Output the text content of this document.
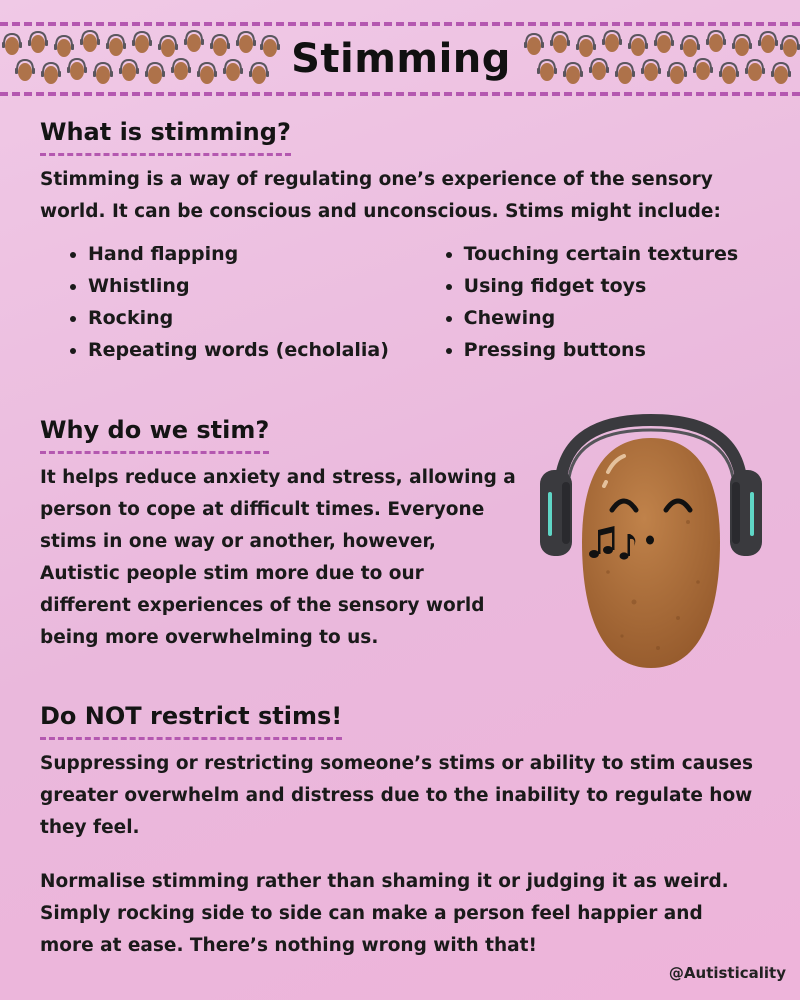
Stimming
What is stimming?

Stimming is a way of regulating one’s experience of the sensory world. It can be conscious and unconscious. Stims might include:

Hand flapping
Whistling
Rocking
Repeating words (echolalia)
Touching certain textures
Using fidget toys
Chewing
Pressing buttons
Why do we stim?

It helps reduce anxiety and stress, allowing a person to cope at difficult times. Everyone stims in one way or another, however, Autistic people stim more due to our different experiences of the sensory world being more overwhelming to us.

Do NOT restrict stims!

Suppressing or restricting someone’s stims or ability to stim causes greater overwhelm and distress due to the inability to regulate how they feel.

Normalise stimming rather than shaming it or judging it as weird. Simply rocking side to side can make a person feel happier and more at ease. There’s nothing wrong with that!

@Autisticality
